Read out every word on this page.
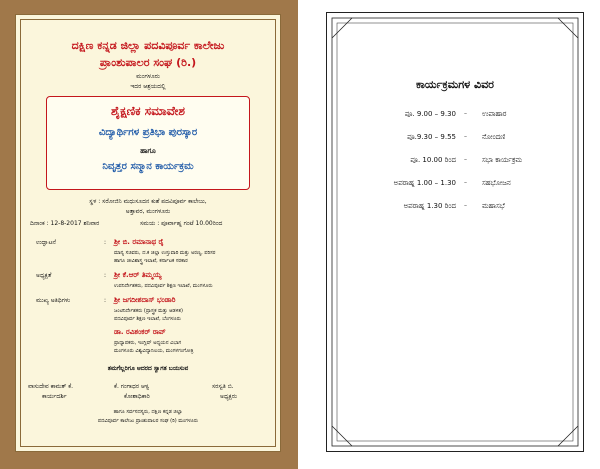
ದಕ್ಷಿಣ ಕನ್ನಡ ಜಿಲ್ಲಾ ಪದವಿಪೂರ್ವ ಕಾಲೇಜು
ಪ್ರಾಂಶುಪಾಲರ ಸಂಘ (ರಿ.)
ಮಂಗಳೂರು
ಇದರ ಆಶ್ರಯದಲ್ಲಿ
ಶೈಕ್ಷಣಿಕ ಸಮಾವೇಶ
ವಿದ್ಯಾರ್ಥಿಗಳ ಪ್ರತಿಭಾ ಪುರಸ್ಕಾರ
ಹಾಗೂ
ನಿವೃತ್ತರ ಸನ್ಮಾನ ಕಾರ್ಯಕ್ರಮ
ಸ್ಥಳ : ಸರೋಜಿನಿ ಮಧುಸೂದನ ಕುಶೆ ಪದವಿಪೂರ್ವ ಕಾಲೇಜು,
ಅತ್ತಾವರ, ಮಂಗಳೂರು
ದಿನಾಂಕ : 12-8-2017 ಶನಿವಾರ	ಸಮಯ : ಪೂರ್ವಾಹ್ನ ಗಂಟೆ 10.00ರಿಂದ
ಉದ್ಘಾಟನೆ	: ಶ್ರೀ ಬಿ. ರಮಾನಾಥ ರೈ
ಮಾನ್ಯ ಸಚಿವರು, ದ.ಕ ಜಿಲ್ಲಾ ಉಸ್ತುವಾರಿ ಮತ್ತು ಅರಣ್ಯ, ಪರಿಸರ
ಹಾಗೂ ಜೀವಿಶಾಸ್ತ್ರ ಇಲಾಖೆ, ಕರ್ನಾಟಕ ಸರಕಾರ
ಅಧ್ಯಕ್ಷತೆ	: ಶ್ರೀ ಕೆ.ಆರ್ ತಿಮ್ಮಯ್ಯ
ಉಪನಿರ್ದೇಶಕರು, ಪದವಿಪೂರ್ವ ಶಿಕ್ಷಣ ಇಲಾಖೆ, ಮಂಗಳೂರು
ಮುಖ್ಯ ಅತಿಥಿಗಳು	: ಶ್ರೀ ಜಗದೀಶದಾಸ್ ಭಂಡಾರಿ
ಜಂಟಿನಿರ್ದೇಶಕರು (ಪ್ರಾಸ್ತ್ರಕ ಮತ್ತು ಆಡಳಿತ)
ಪದವಿಪೂರ್ವ ಶಿಕ್ಷಣ ಇಲಾಖೆ, ಬೆಂಗಳೂರು
ಡಾ. ರವಿಶಂಕರ್ ರಾವ್
ಪ್ರಾಧ್ಯಾಪಕರು, ಇಂಗ್ಲಿಷ್ ಅಧ್ಯಯನ ವಿಭಾಗ
ಮಂಗಳೂರು ವಿಶ್ವವಿದ್ಯಾನಿಲಯ, ಮಂಗಳಗಂಗೋತ್ರಿ
ತಮಗೆಲ್ಲರಿಗೂ ಆದರದ ಸ್ವಾಗತ ಬಯಸುವ
ವಾಸುದೇವ ಕಾಮತ್ ಕೆ.
ಕಾರ್ಯದರ್ಶಿ
ಕೆ. ಗಂಗಾಧರ ಆಳ್ವ
ಕೋಶಾಧಿಕಾರಿ
ಸರಸ್ವತಿ ಬಿ.
ಅಧ್ಯಕ್ಷರು
ಹಾಗೂ ಸರ್ವಸದಸ್ಯರು, ದಕ್ಷಿಣ ಕನ್ನಡ ಜಿಲ್ಲಾ
ಪದವಿಪೂರ್ವ ಕಾಲೇಜು ಪ್ರಾಂಶುಪಾಲರ ಸಂಘ (ರಿ) ಮಂಗಳೂರು
ಕಾರ್ಯಕ್ರಮಗಳ ವಿವರ
ಪೂ. 9.00 – 9.30 – ಉಪಾಹಾರ
ಪೂ.9.30 – 9.55 – ನೋಂದಣಿ
ಪೂ. 10.00 ರಿಂದ – ಸಭಾ ಕಾರ್ಯಕ್ರಮ
ಅಪರಾಹ್ನ 1.00 – 1.30 – ಸಹಭೋಜನ
ಅಪರಾಹ್ನ 1.30 ರಿಂದ – ಮಹಾಸಭೆ
